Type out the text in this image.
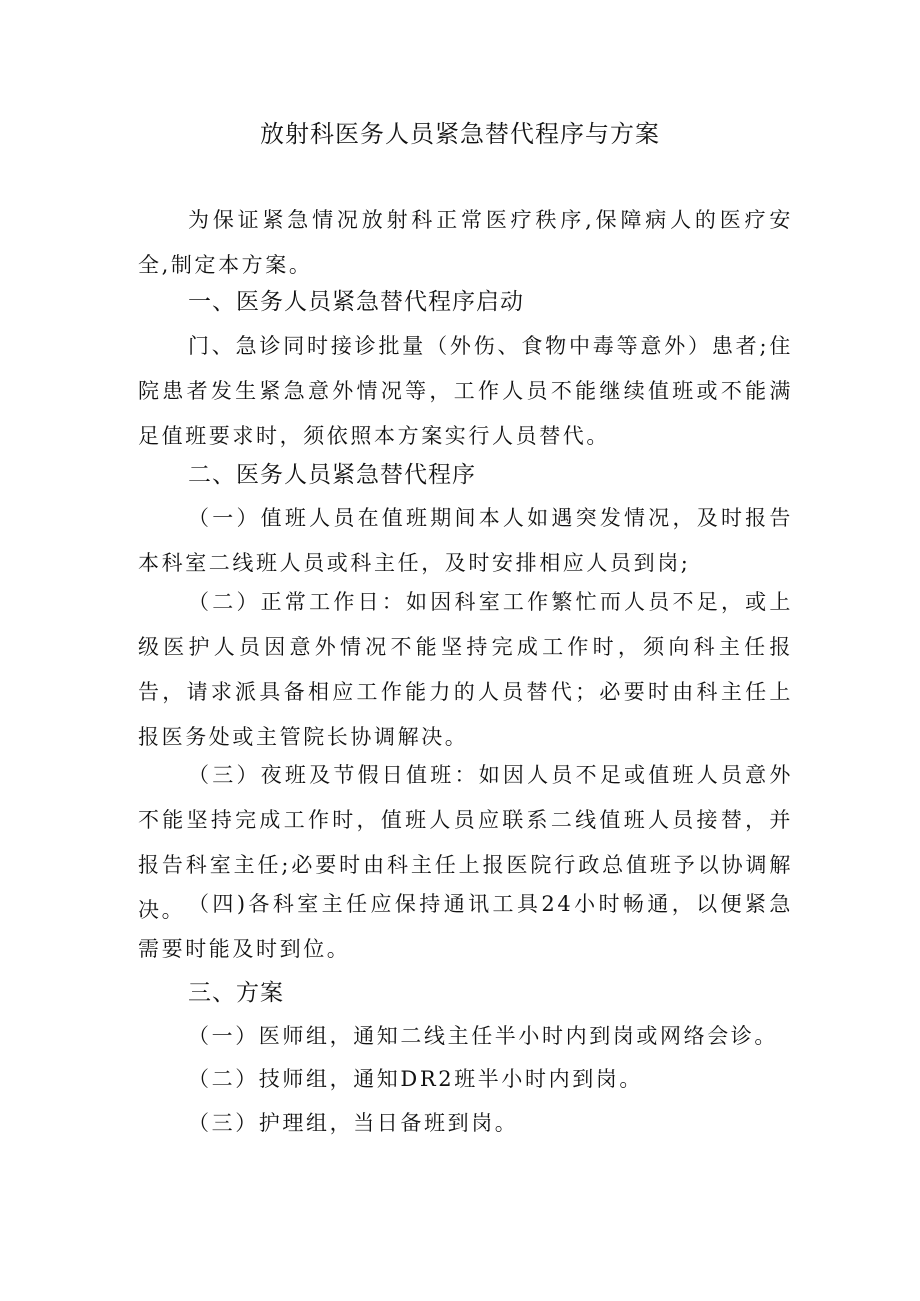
放射科医务人员紧急替代程序与方案
为保证紧急情况放射科正常医疗秩序,保障病人的医疗安全,制定本方案。
一、医务人员紧急替代程序启动
门、急诊同时接诊批量（外伤、食物中毒等意外）患者;住院患者发生紧急意外情况等，工作人员不能继续值班或不能满足值班要求时，须依照本方案实行人员替代。
二、医务人员紧急替代程序
（一）值班人员在值班期间本人如遇突发情况，及时报告本科室二线班人员或科主任，及时安排相应人员到岗;
（二）正常工作日：如因科室工作繁忙而人员不足，或上级医护人员因意外情况不能坚持完成工作时，须向科主任报告，请求派具备相应工作能力的人员替代；必要时由科主任上报医务处或主管院长协调解决。
（三）夜班及节假日值班：如因人员不足或值班人员意外不能坚持完成工作时，值班人员应联系二线值班人员接替，并报告科室主任;必要时由科主任上报医院行政总值班予以协调解决。 （四)各科室主任应保持通讯工具24小时畅通，以便紧急需要时能及时到位。
三、方案
（一）医师组，通知二线主任半小时内到岗或网络会诊。
（二）技师组，通知DR2班半小时内到岗。
（三）护理组，当日备班到岗。
